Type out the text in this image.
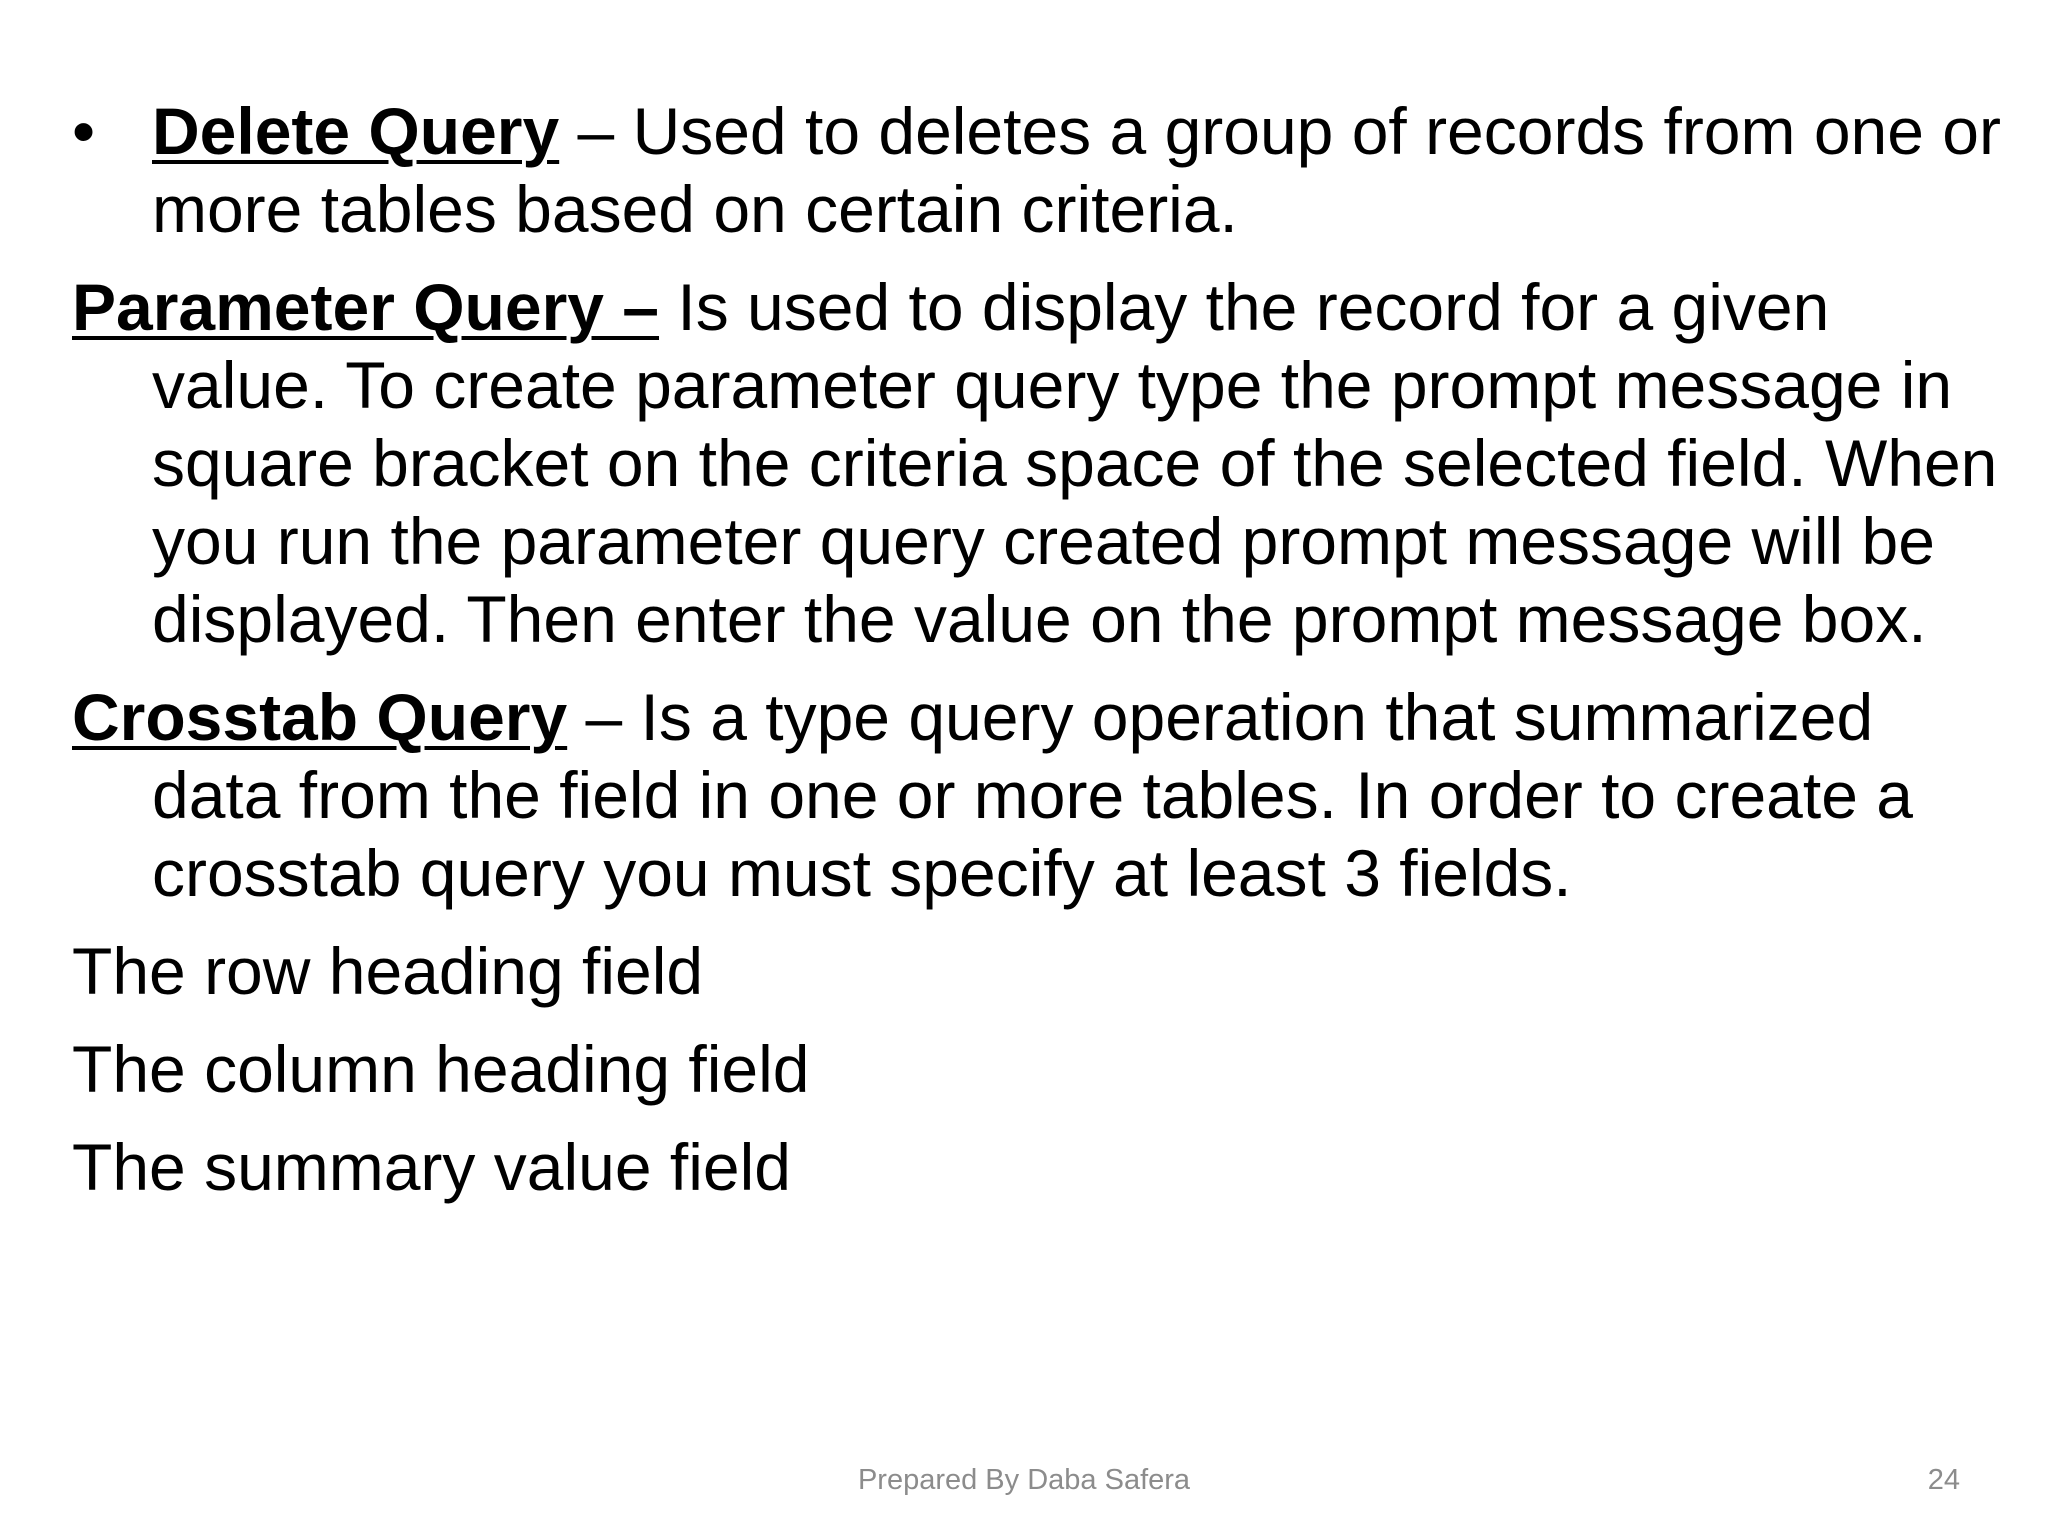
• Delete Query – Used to deletes a group of records from one or more tables based on certain criteria.

Parameter Query – Is used to display the record for a given value. To create parameter query type the prompt message in square bracket on the criteria space of the selected field. When you run the parameter query created prompt message will be displayed. Then enter the value on the prompt message box.

Crosstab Query – Is a type query operation that summarized data from the field in one or more tables. In order to create a crosstab query you must specify at least 3 fields.

The row heading field

The column heading field

The summary value field

Prepared By Daba Safera	24
